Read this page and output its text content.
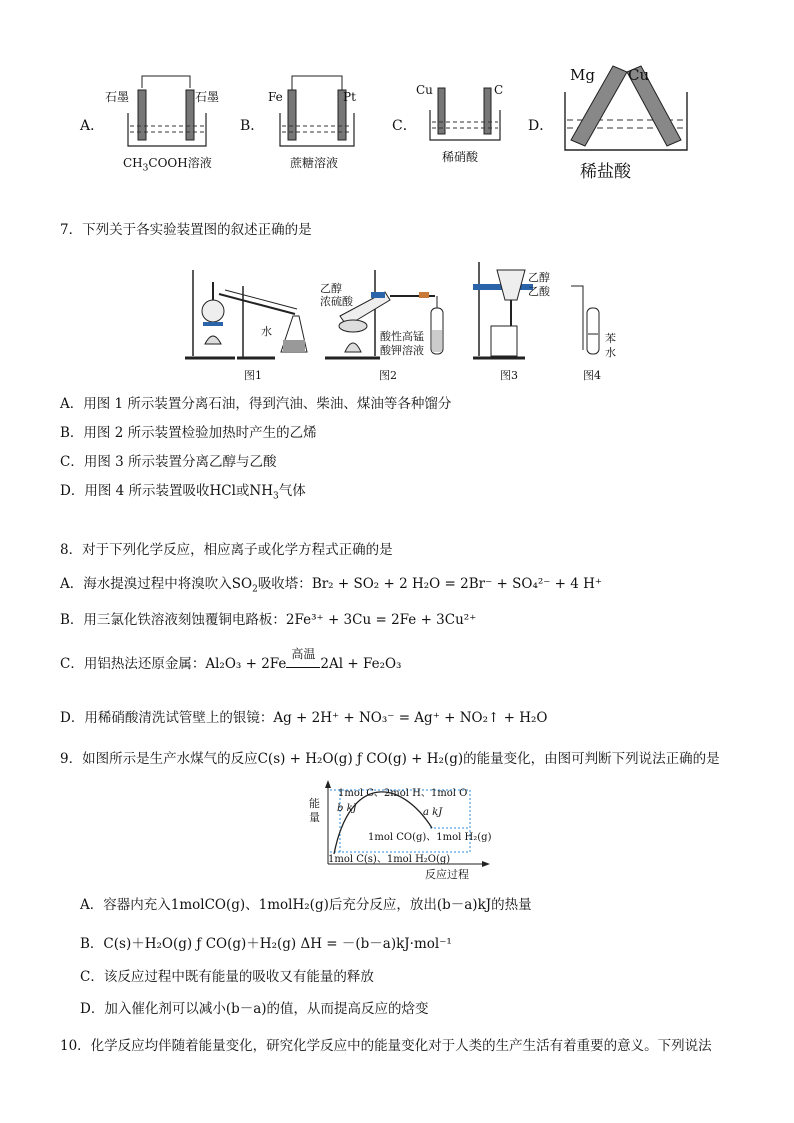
A．
石墨	石墨
$CH_3COOH$溶液
B．
Fe	Pt
蔗糖溶液
C．
Cu	C
稀硝酸
D．
Mg Cu
稀盐酸
7．下列关于各实验装置图的叙述正确的是
水
乙醇
浓硫酸
酸性高锰
酸钾溶液
乙醇
乙酸
苯
水
图1	图2	图3	图4
A．用图 1 所示装置分离石油，得到汽油、柴油、煤油等各种馏分
B．用图 2 所示装置检验加热时产生的乙烯
C．用图 3 所示装置分离乙醇与乙酸
D．用图 4 所示装置吸收HCl或$NH_3$气体
8．对于下列化学反应，相应离子或化学方程式正确的是
A．海水提溴过程中将溴吹入$SO_2$吸收塔：Br₂ + SO₂ + 2 H₂O = 2Br⁻ + SO₄²⁻ + 4 H⁺
B．用三氯化铁溶液刻蚀覆铜电路板：2Fe³⁺ + 3Cu = 2Fe + 3Cu²⁺
C．用铝热法还原金属：Al₂O₃ + 2Fe
高温
2Al + Fe₂O₃
D．用稀硝酸清洗试管壁上的银镜：Ag + 2H⁺ + NO₃⁻ = Ag⁺ + NO₂↑ + H₂O
9．如图所示是生产水煤气的反应C(s) + H₂O(g) ƒ CO(g) + H₂(g)的能量变化，由图可判断下列说法正确的是
能
量
b kJ	a kJ
1mol C、2mol H、1mol O
1mol CO(g)、1mol H₂(g)
1mol C(s)、1mol H₂O(g)
反应过程
A．容器内充入1molCO(g)、1molH₂(g)后充分反应，放出(b－a)kJ的热量
B．C(s)＋H₂O(g) ƒ CO(g)＋H₂(g) ΔH = －(b－a)kJ·mol⁻¹
C．该反应过程中既有能量的吸收又有能量的释放
D．加入催化剂可以减小(b－a)的值，从而提高反应的焓变
10．化学反应均伴随着能量变化，研究化学反应中的能量变化对于人类的生产生活有着重要的意义。下列说法
